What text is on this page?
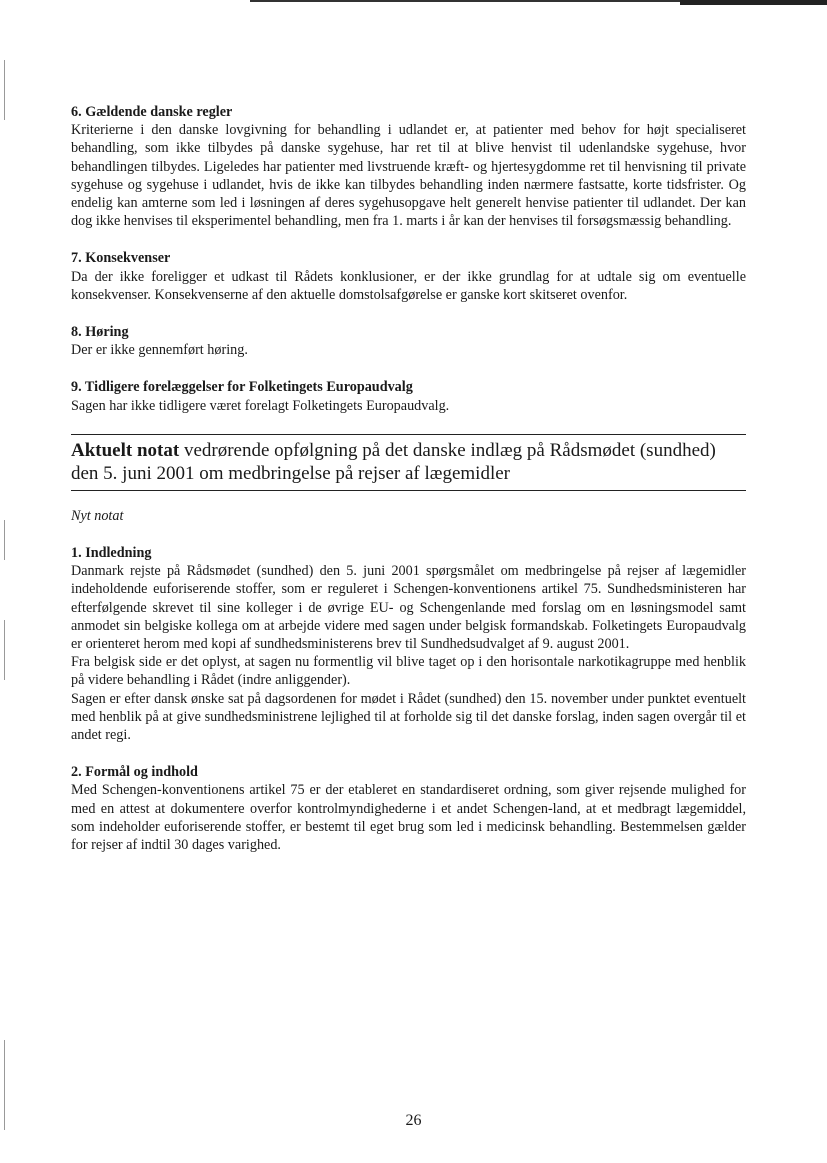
6. Gældende danske regler

Kriterierne i den danske lovgivning for behandling i udlandet er, at patienter med behov for højt specialiseret behandling, som ikke tilbydes på danske sygehuse, har ret til at blive henvist til udenlandske sygehuse, hvor behandlingen tilbydes. Ligeledes har patienter med livstruende kræft- og hjertesygdomme ret til henvisning til private sygehuse og sygehuse i udlandet, hvis de ikke kan tilbydes behandling inden nærmere fastsatte, korte tidsfrister. Og endelig kan amterne som led i løsningen af deres sygehusopgave helt generelt henvise patienter til udlandet. Der kan dog ikke henvises til eksperimentel behandling, men fra 1. marts i år kan der henvises til forsøgsmæssig behandling.

7. Konsekvenser

Da der ikke foreligger et udkast til Rådets konklusioner, er der ikke grundlag for at udtale sig om eventuelle konsekvenser. Konsekvenserne af den aktuelle domstolsafgørelse er ganske kort skitseret ovenfor.

8. Høring

Der er ikke gennemført høring.

9. Tidligere forelæggelser for Folketingets Europaudvalg

Sagen har ikke tidligere været forelagt Folketingets Europaudvalg.

Aktuelt notat vedrørende opfølgning på det danske indlæg på Rådsmødet (sundhed) den 5. juni 2001 om medbringelse på rejser af lægemidler

Nyt notat

1. Indledning

Danmark rejste på Rådsmødet (sundhed) den 5. juni 2001 spørgsmålet om medbringelse på rejser af lægemidler indeholdende euforiserende stoffer, som er reguleret i Schengen-konventionens artikel 75. Sundhedsministeren har efterfølgende skrevet til sine kolleger i de øvrige EU- og Schengenlande med forslag om en løsningsmodel samt anmodet sin belgiske kollega om at arbejde videre med sagen under belgisk formandskab. Folketingets Europaudvalg er orienteret herom med kopi af sundhedsministerens brev til Sundhedsudvalget af 9. august 2001.

Fra belgisk side er det oplyst, at sagen nu formentlig vil blive taget op i den horisontale narkotikagruppe med henblik på videre behandling i Rådet (indre anliggender).

Sagen er efter dansk ønske sat på dagsordenen for mødet i Rådet (sundhed) den 15. november under punktet eventuelt med henblik på at give sundhedsministrene lejlighed til at forholde sig til det danske forslag, inden sagen overgår til et andet regi.

2. Formål og indhold

Med Schengen-konventionens artikel 75 er der etableret en standardiseret ordning, som giver rejsende mulighed for med en attest at dokumentere overfor kontrolmyndighederne i et andet Schengen-land, at et medbragt lægemiddel, som indeholder euforiserende stoffer, er bestemt til eget brug som led i medicinsk behandling. Bestemmelsen gælder for rejser af indtil 30 dages varighed.

26
